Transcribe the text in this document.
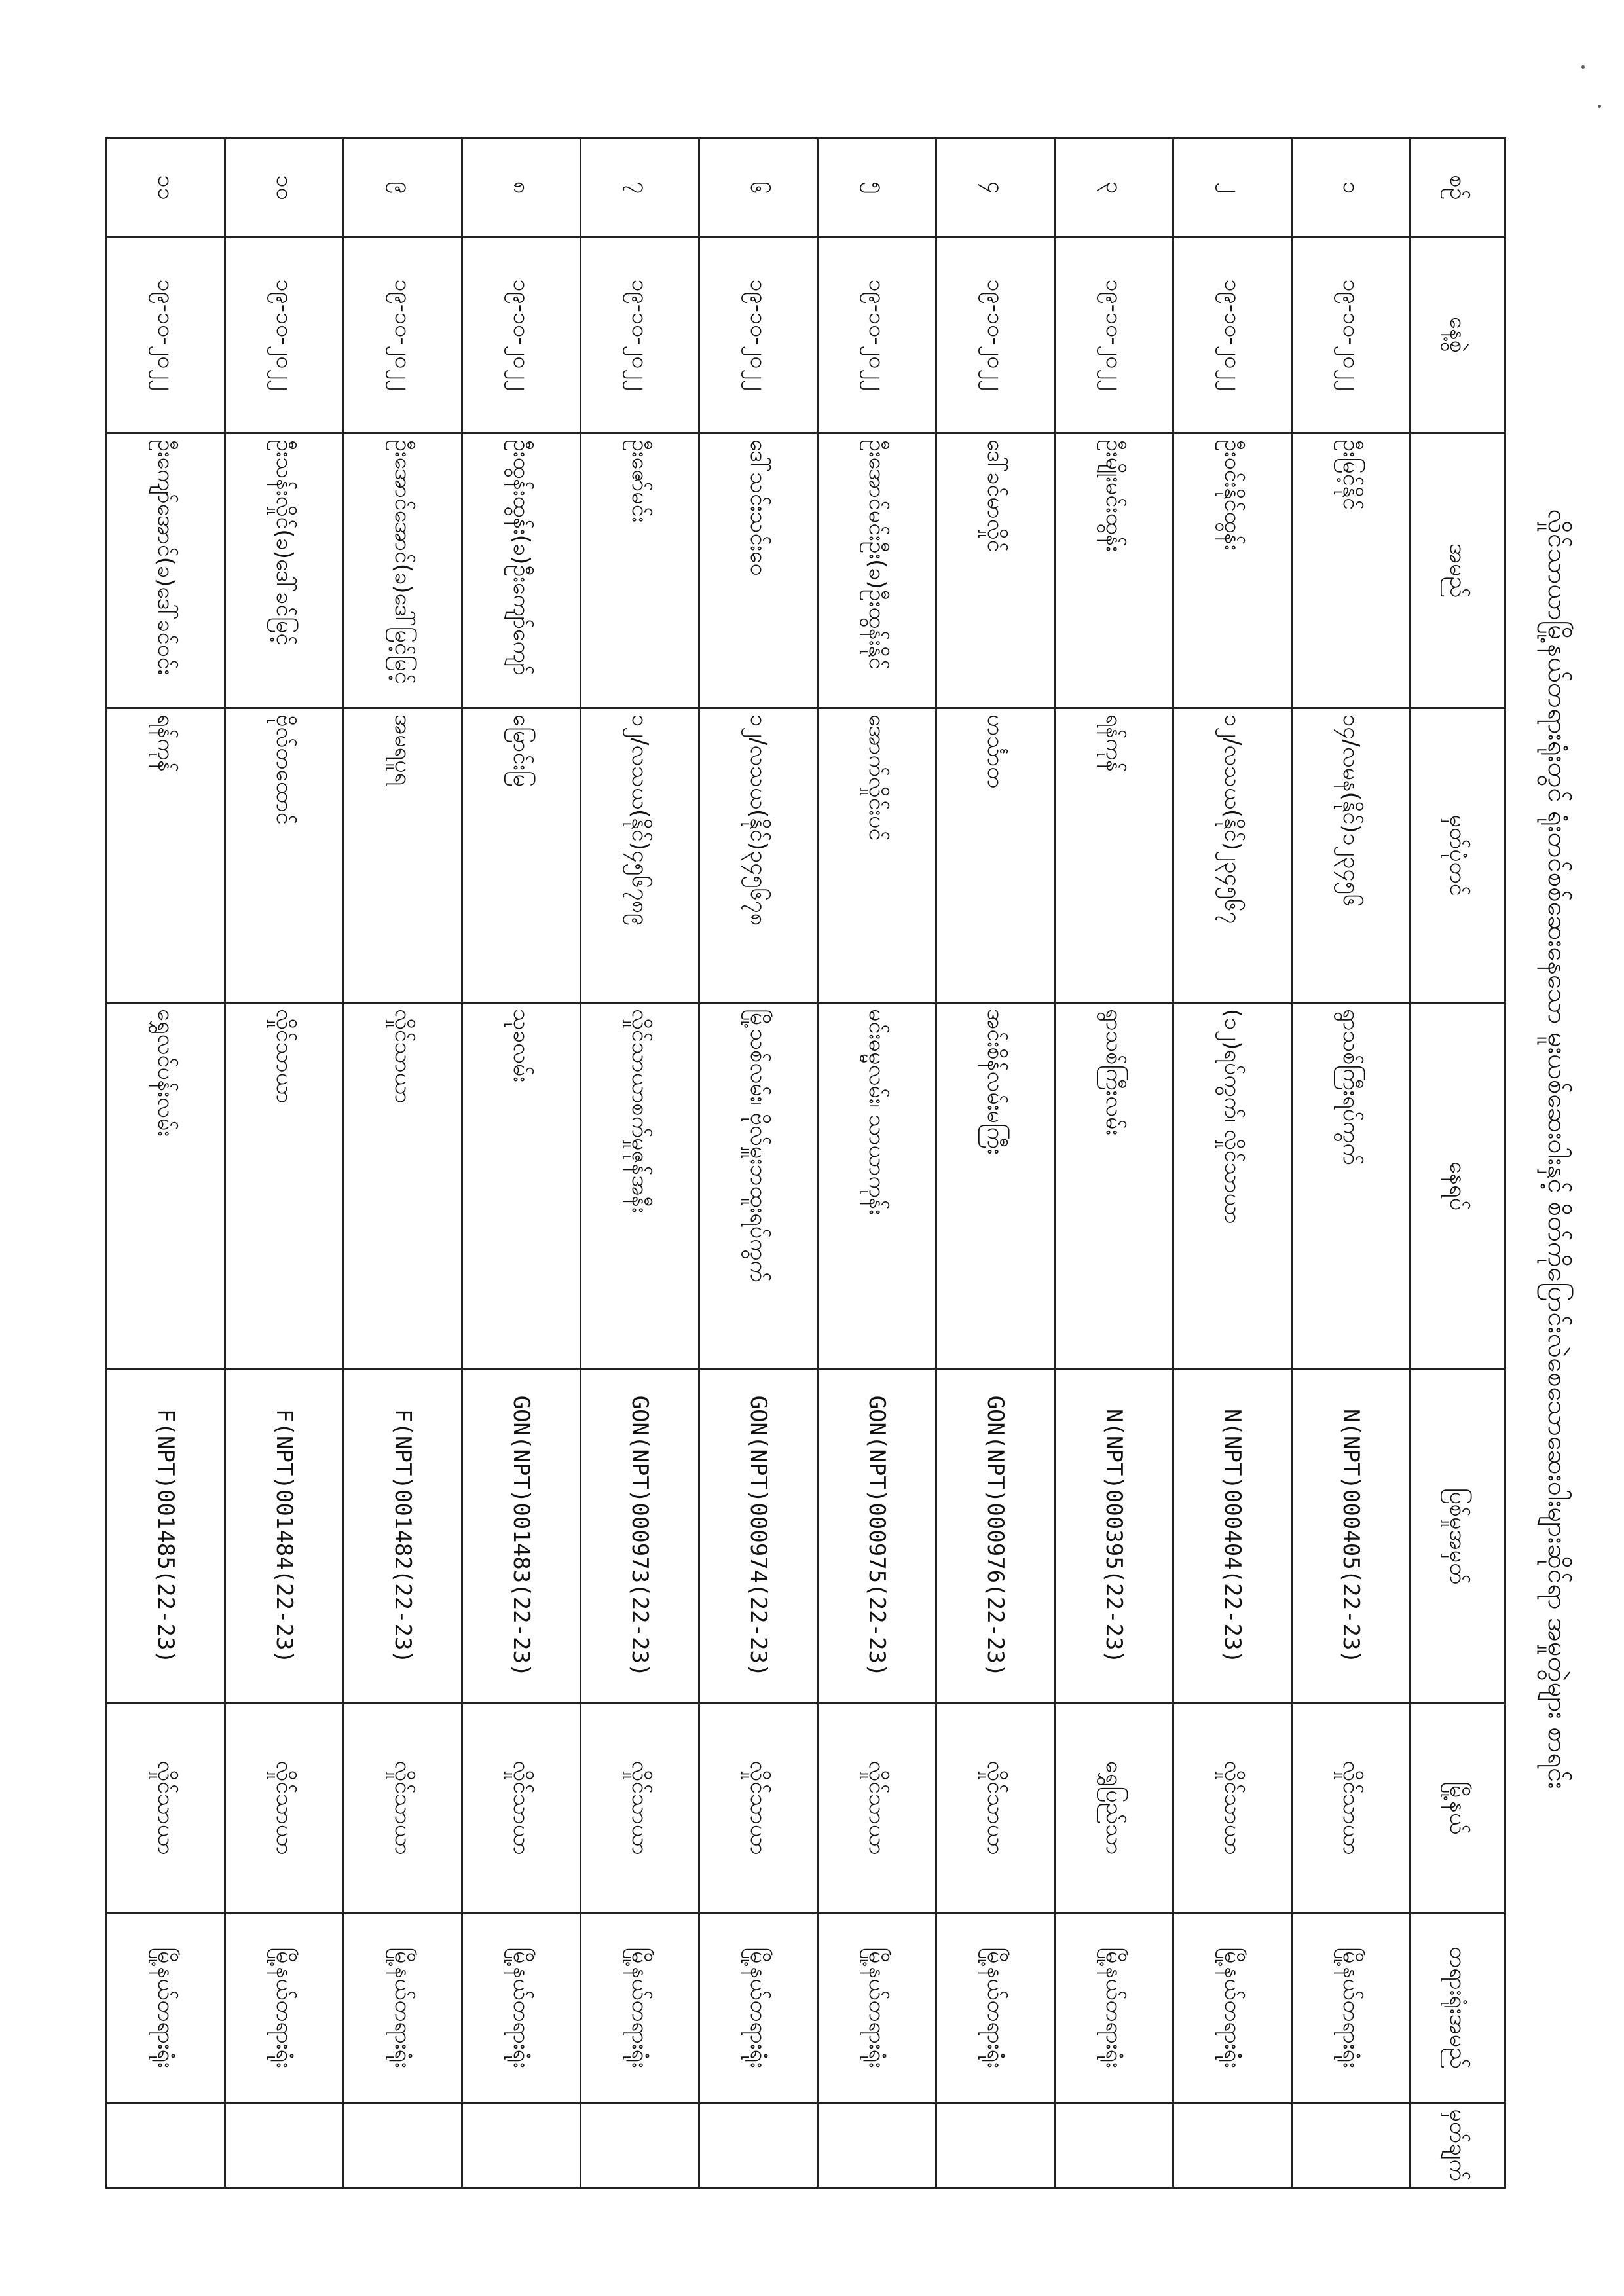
လှိုင်သာယာမြို့နယ်တရားရုံးတွင် ရုံးတင်စစ်ဆေးနေသော မူးယစ်ဆေးဝါးနှင့် စိတ်ကိုပြောင်းလဲစေသောဆေးဝါးများဆိုင်ရာ အမှုတွဲများ စာရင်း
စဉ်	နေ့စွဲ	အမည်	မှတ်ပုံတင်	နေရပ်	ပြစ်မှုအမှတ်	မြို့နယ်	တရားရုံးအမည်	မှတ်ချက်
၁	၁၉-၁၀-၂၀၂၂	ဦးမြင့်နိုင်	၁၄/လမန(နိုင်)၁၂၃၄၅၆	ရွာသစ်ကြီးရပ်ကွက်	N(NPT)000405(22-23)	လှိုင်သာယာ	မြို့နယ်တရားရုံး	
၂	၁၉-၁၀-၂၀၂၂	ဦးဝင်းနိုင်ထွန်း	၁၂/လသယ(နိုင်)၂၃၄၅၆၇	(၁၂)ရပ်ကွက်၊ လှိုင်သာယာ	N(NPT)000404(22-23)	လှိုင်သာယာ	မြို့နယ်တရားရုံး	
၃	၁၉-၁၀-၂၀၂၂	ဦးမျိုးမင်းထွန်း	ရန်ကုန်	ရွာသစ်ကြီးလမ်း	N(NPT)000395(22-23)	ရွှေပြည်သာ	မြို့နယ်တရားရုံး	
၄	၁၉-၁၀-၂၀၂၂	ဒေါ်ခင်မာလှိုင်	ဟင်္သာတ	အင်းစိန်လမ်းမကြီး	GON(NPT)000976(22-23)	လှိုင်သာယာ	မြို့နယ်တရားရုံး	
၅	၁၉-၁၀-၂၀၂၂	ဦးအောင်မင်းဦး(ခ)ဦးထွန်းနိုင်	အောက်လှိုင်းပင်	မင်းဓမ္မလမ်း၊ သာယာကုန်း	GON(NPT)000975(22-23)	လှိုင်သာယာ	မြို့နယ်တရားရုံး	
၆	၁၉-၁၀-၂၀၂၂	ဒေါ်သင်းသင်းဝေ	၁၂/လသယ(နိုင်)၃၄၅၆၇၈	မြို့သစ်လမ်း၊ ဗိုလ်မှူးဘထူးရပ်ကွက်	GON(NPT)000974(22-23)	လှိုင်သာယာ	မြို့နယ်တရားရုံး	
၇	၁၉-၁၀-၂၀၂၂	ဦးဇော်မင်း	၁၂/လသယ(နိုင်)၄၅၆၇၈၉	လှိုင်သာယာစက်မှုဇုန်အနီး	GON(NPT)000973(22-23)	လှိုင်သာယာ	မြို့နယ်တရားရုံး	
၈	၁၉-၁၀-၂၀၂၂	ဦးထွန်းထွန်း(ခ)ဦးကျော်ကျော်	မြောင်းမြ	သုခလမ်း	GON(NPT)001483(22-23)	လှိုင်သာယာ	မြို့နယ်တရားရုံး	
၉	၁၉-၁၀-၂၀၂၂	ဦးအောင်အောင်(ခ)ဒေါ်မြင့်မြင့်	အမရပူရ	လှိုင်သာယာ	F(NPT)001482(22-23)	လှိုင်သာယာ	မြို့နယ်တရားရုံး	
၁၀	၁၉-၁၀-၂၀၂၂	ဦးသန်းလှိုင်(ခ)ဒေါ်ခင်မြင့်	ဗိုလ်တထောင်	လှိုင်သာယာ	F(NPT)001484(22-23)	လှိုင်သာယာ	မြို့နယ်တရားရုံး	
၁၁	၁၉-၁၀-၂၀၂၂	ဦးကျော်အောင်(ခ)ဒေါ်ခင်ဝင်း	ရန်ကုန်	ရွှေလင်ပန်းလမ်း	F(NPT)001485(22-23)	လှိုင်သာယာ	မြို့နယ်တရားရုံး	
